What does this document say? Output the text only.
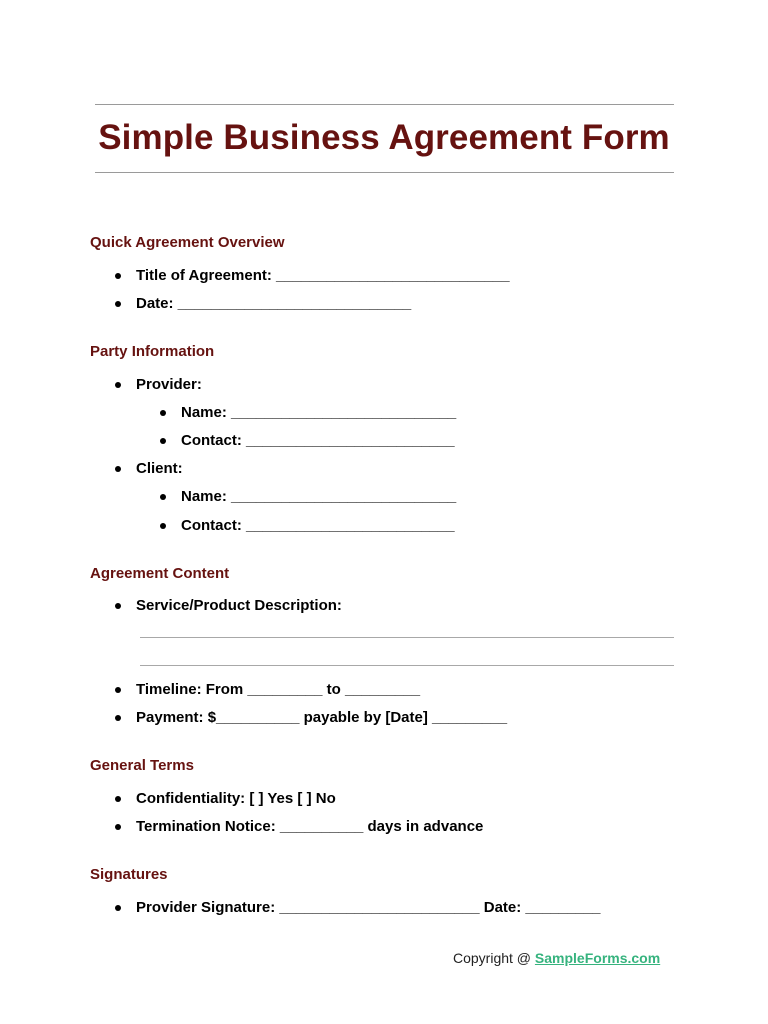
Simple Business Agreement Form
Quick Agreement Overview
Title of Agreement: ____________________________
Date: ____________________________
Party Information
Provider:
Name: ___________________________
Contact: _________________________
Client:
Name: ___________________________
Contact: _________________________
Agreement Content
Service/Product Description:
Timeline: From _________ to _________
Payment: $__________ payable by [Date] _________
General Terms
Confidentiality: [ ] Yes [ ] No
Termination Notice: __________ days in advance
Signatures
Provider Signature: ________________________ Date: _________
Copyright @ SampleForms.com
